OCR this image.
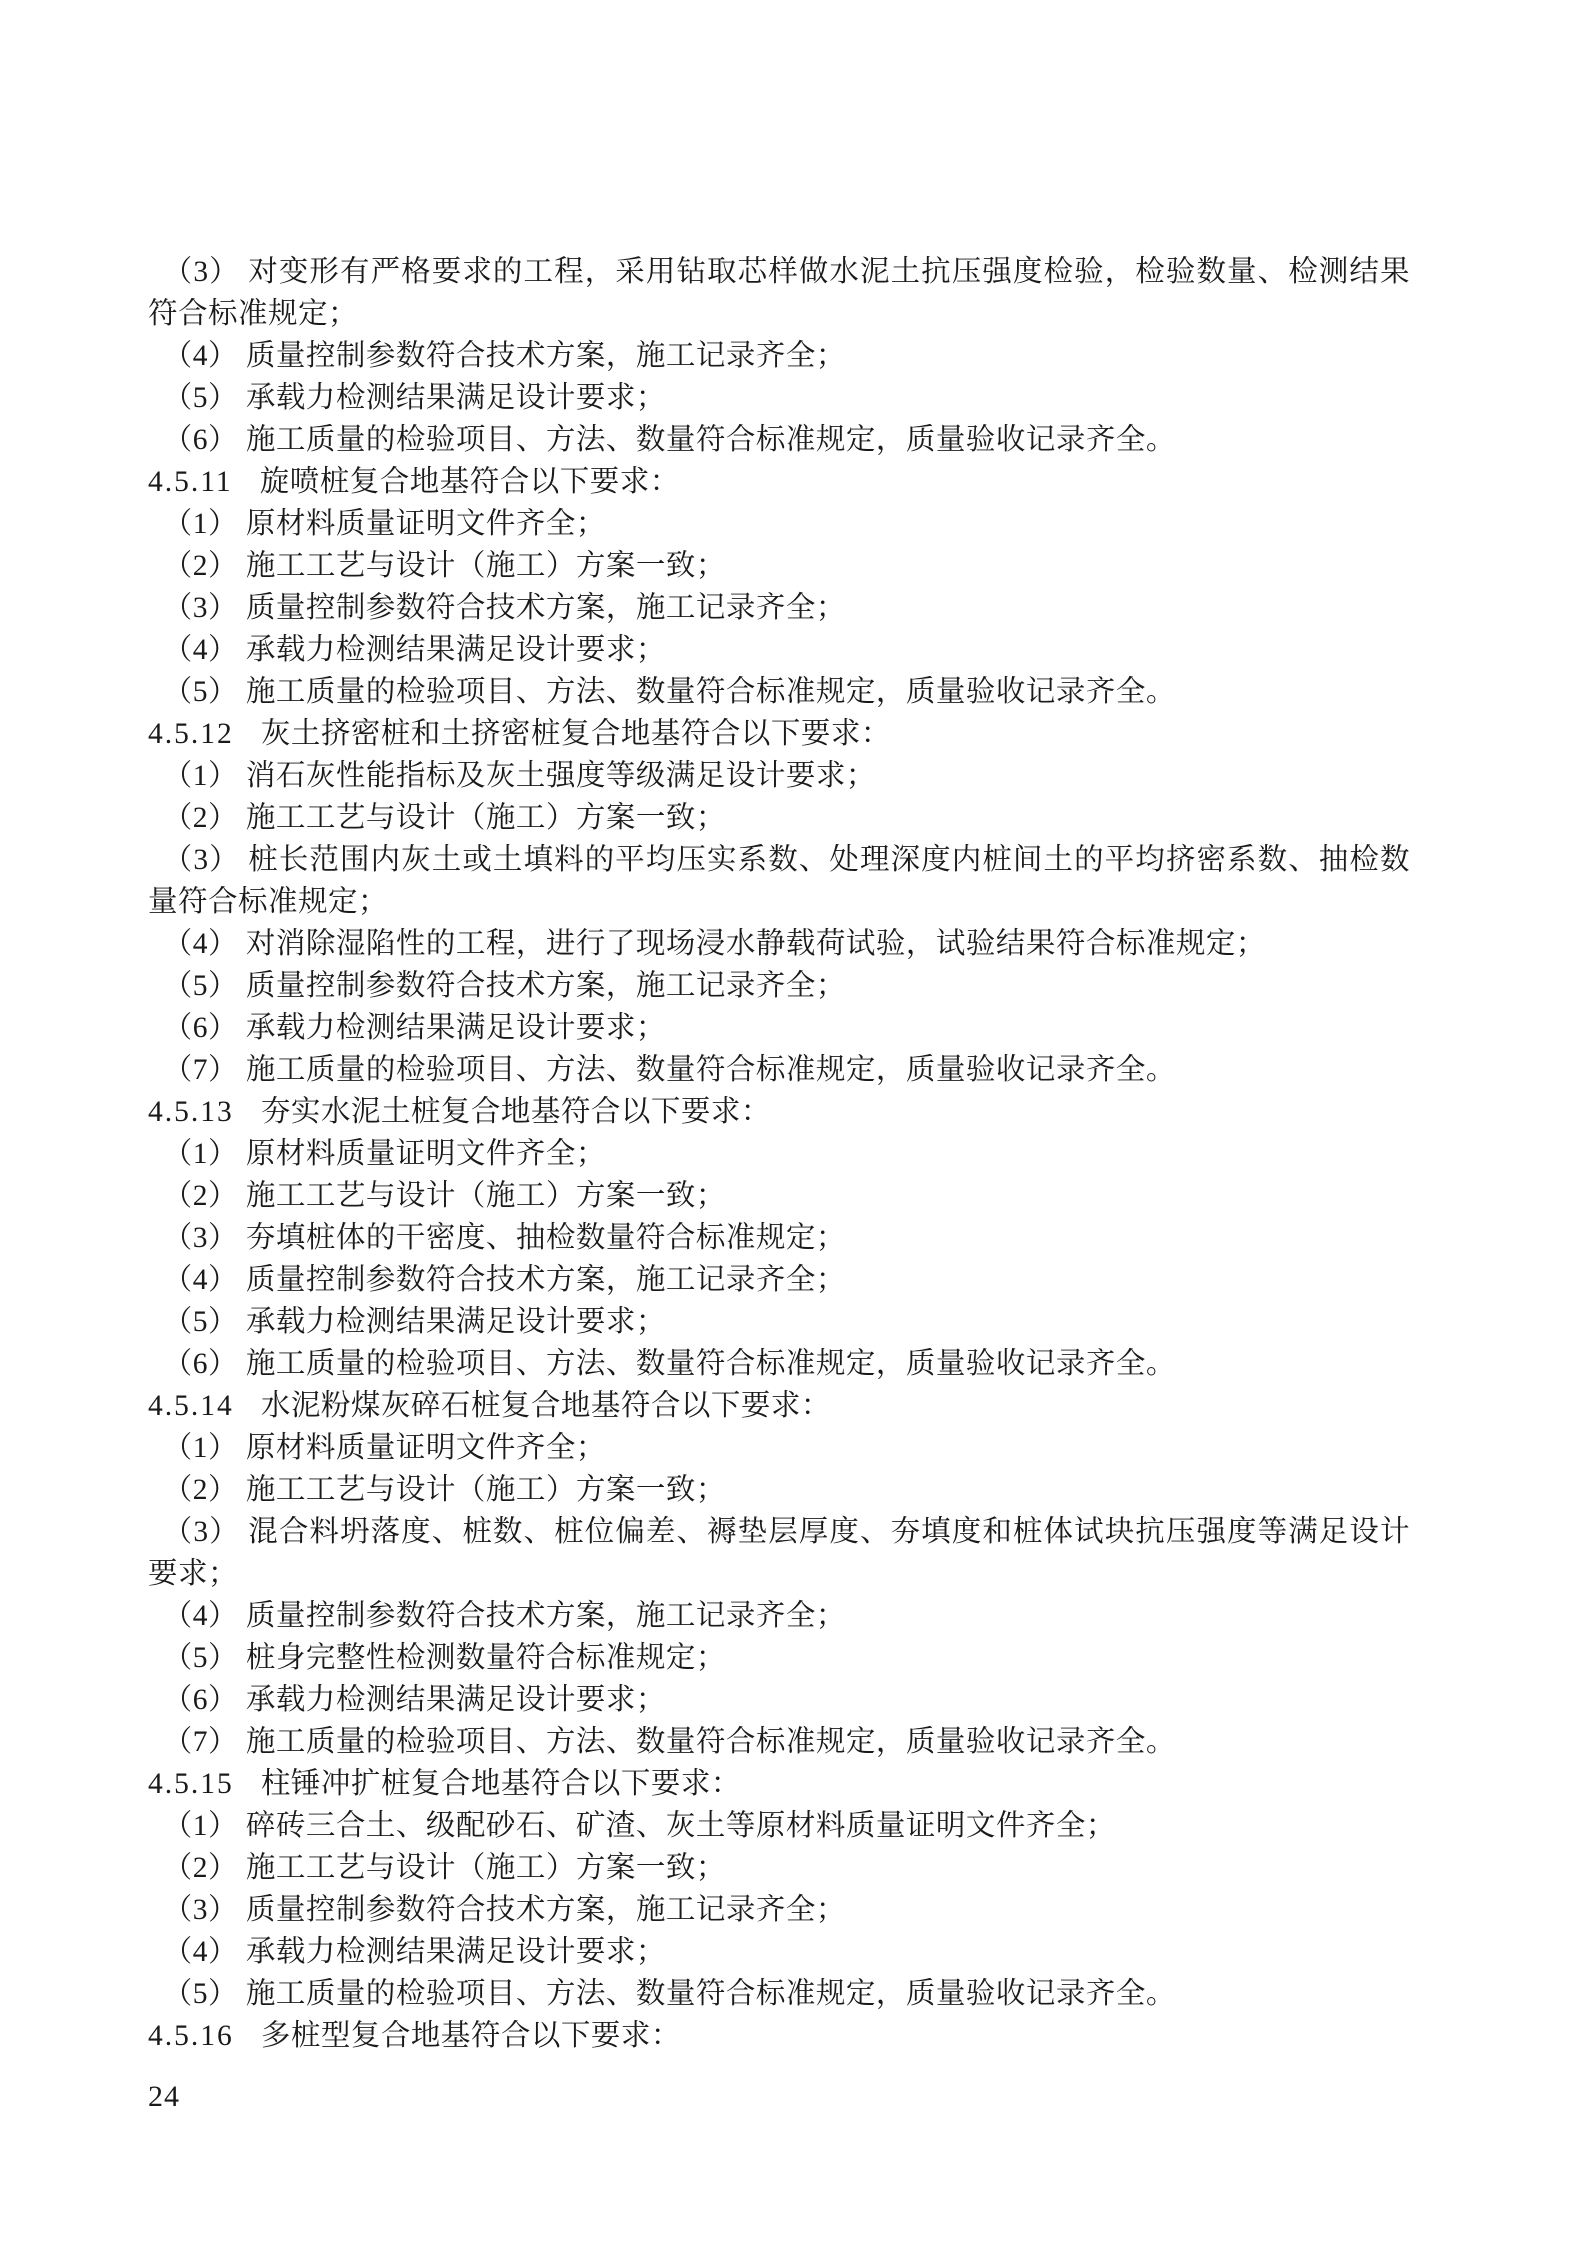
（3） 对变形有严格要求的工程，采用钻取芯样做水泥土抗压强度检验，检验数量、检测结果符合标准规定；

（4） 质量控制参数符合技术方案，施工记录齐全；

（5） 承载力检测结果满足设计要求；

（6） 施工质量的检验项目、方法、数量符合标准规定，质量验收记录齐全。

4.5.11 旋喷桩复合地基符合以下要求：

（1） 原材料质量证明文件齐全；

（2） 施工工艺与设计（施工）方案一致；

（3） 质量控制参数符合技术方案，施工记录齐全；

（4） 承载力检测结果满足设计要求；

（5） 施工质量的检验项目、方法、数量符合标准规定，质量验收记录齐全。

4.5.12 灰土挤密桩和土挤密桩复合地基符合以下要求：

（1） 消石灰性能指标及灰土强度等级满足设计要求；

（2） 施工工艺与设计（施工）方案一致；

（3） 桩长范围内灰土或土填料的平均压实系数、处理深度内桩间土的平均挤密系数、抽检数量符合标准规定；

（4） 对消除湿陷性的工程，进行了现场浸水静载荷试验，试验结果符合标准规定；

（5） 质量控制参数符合技术方案，施工记录齐全；

（6） 承载力检测结果满足设计要求；

（7） 施工质量的检验项目、方法、数量符合标准规定，质量验收记录齐全。

4.5.13 夯实水泥土桩复合地基符合以下要求：

（1） 原材料质量证明文件齐全；

（2） 施工工艺与设计（施工）方案一致；

（3） 夯填桩体的干密度、抽检数量符合标准规定；

（4） 质量控制参数符合技术方案，施工记录齐全；

（5） 承载力检测结果满足设计要求；

（6） 施工质量的检验项目、方法、数量符合标准规定，质量验收记录齐全。

4.5.14 水泥粉煤灰碎石桩复合地基符合以下要求：

（1） 原材料质量证明文件齐全；

（2） 施工工艺与设计（施工）方案一致；

（3） 混合料坍落度、桩数、桩位偏差、褥垫层厚度、夯填度和桩体试块抗压强度等满足设计要求；

（4） 质量控制参数符合技术方案，施工记录齐全；

（5） 桩身完整性检测数量符合标准规定；

（6） 承载力检测结果满足设计要求；

（7） 施工质量的检验项目、方法、数量符合标准规定，质量验收记录齐全。

4.5.15 柱锤冲扩桩复合地基符合以下要求：

（1） 碎砖三合土、级配砂石、矿渣、灰土等原材料质量证明文件齐全；

（2） 施工工艺与设计（施工）方案一致；

（3） 质量控制参数符合技术方案，施工记录齐全；

（4） 承载力检测结果满足设计要求；

（5） 施工质量的检验项目、方法、数量符合标准规定，质量验收记录齐全。

4.5.16 多桩型复合地基符合以下要求：

24
